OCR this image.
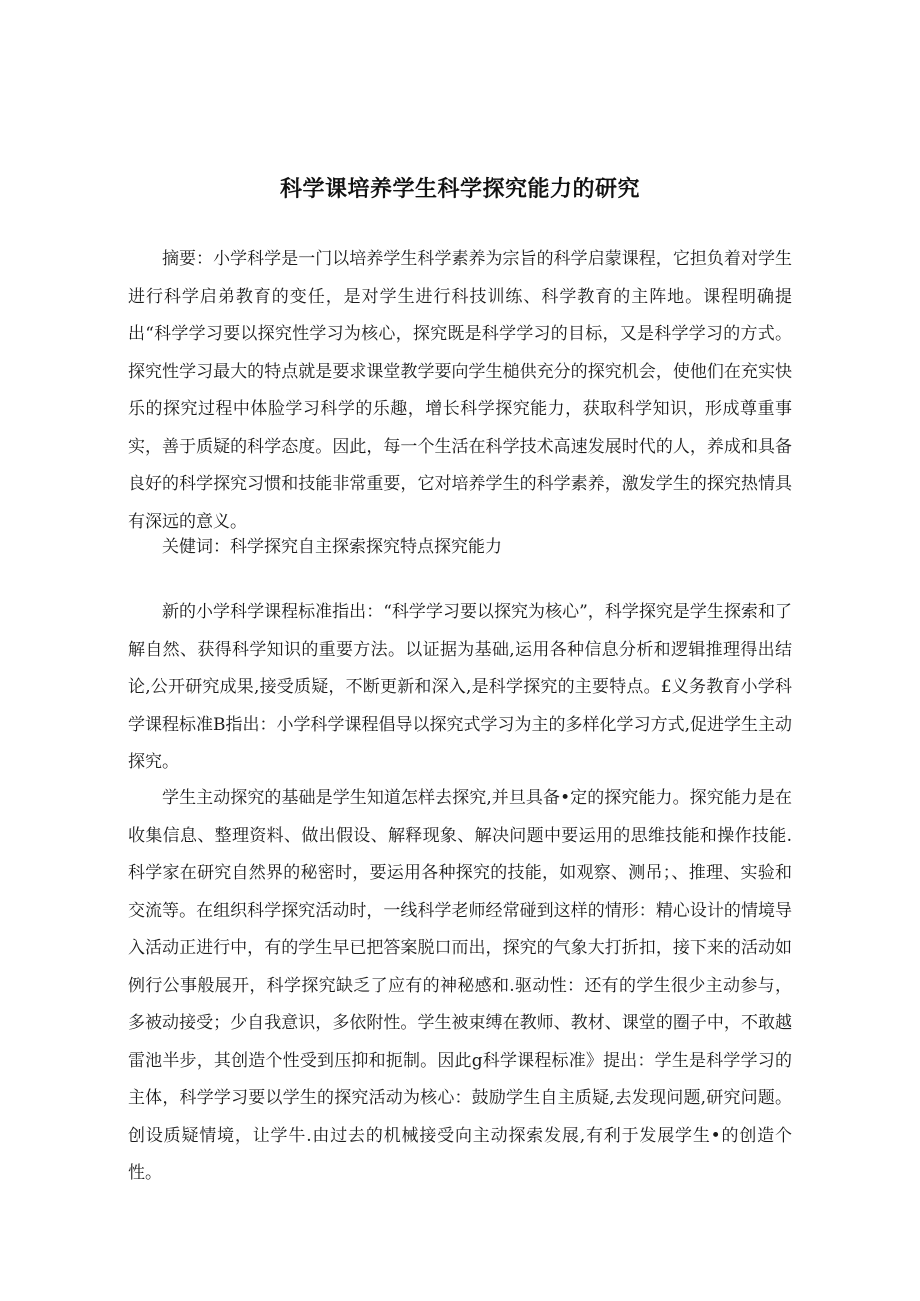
科学课培养学生科学探究能力的研究

摘要：小学科学是一门以培养学生科学素养为宗旨的科学启蒙课程，它担负着对学生进行科学启弟教育的变任，是对学生进行科技训练、科学教育的主阵地。课程明确提出“科学学习要以探究性学习为核心，探究既是科学学习的目标，又是科学学习的方式。探究性学习最大的特点就是要求课堂教学要向学生槌供充分的探究机会，使他们在充实快乐的探究过程中体脸学习科学的乐趣，增长科学探究能力，获取科学知识，形成尊重事实，善于质疑的科学态度。因此，每一个生活在科学技术高速发展时代的人，养成和具备良好的科学探究习惯和技能非常重要，它对培养学生的科学素养，激发学生的探究热情具有深远的意义。

关健词：科学探究自主探索探究特点探究能力

新的小学科学课程标准指出：“科学学习要以探究为核心”，科学探究是学生探索和了解自然、获得科学知识的重要方法。以证据为基础,运用各种信息分析和逻辑推理得出结论,公开研究成果,接受质疑，不断更新和深入,是科学探究的主要特点。£义务教育小学科学课程标准B指出：小学科学课程倡导以探究式学习为主的多样化学习方式,促进学生主动探究。

学生主动探究的基础是学生知道怎样去探究,并旦具备•定的探究能力。探究能力是在收集信息、整理资料、做出假设、解释现象、解决问题中要运用的思维技能和操作技能.科学家在研究自然界的秘密时，要运用各种探究的技能，如观察、测吊；、推理、实验和交流等。在组织科学探究活动时，一线科学老师经常碰到这样的情形：精心设计的情境导入活动正进行中，有的学生早已把答案脱口而出，探究的气象大打折扣，接下来的活动如例行公事般展开，科学探究缺乏了应有的神秘感和.驱动性：还有的学生很少主动参与，多被动接受；少自我意识，多依附性。学生被束缚在教师、教材、课堂的圈子中，不敢越雷池半步，其创造个性受到压抑和扼制。因此g科学课程标准》提出：学生是科学学习的主体，科学学习要以学生的探究活动为核心：鼓励学生自主质疑,去发现问题,研究问题。创设质疑情境，让学牛.由过去的机械接受向主动探索发展,有利于发展学生•的创造个性。
